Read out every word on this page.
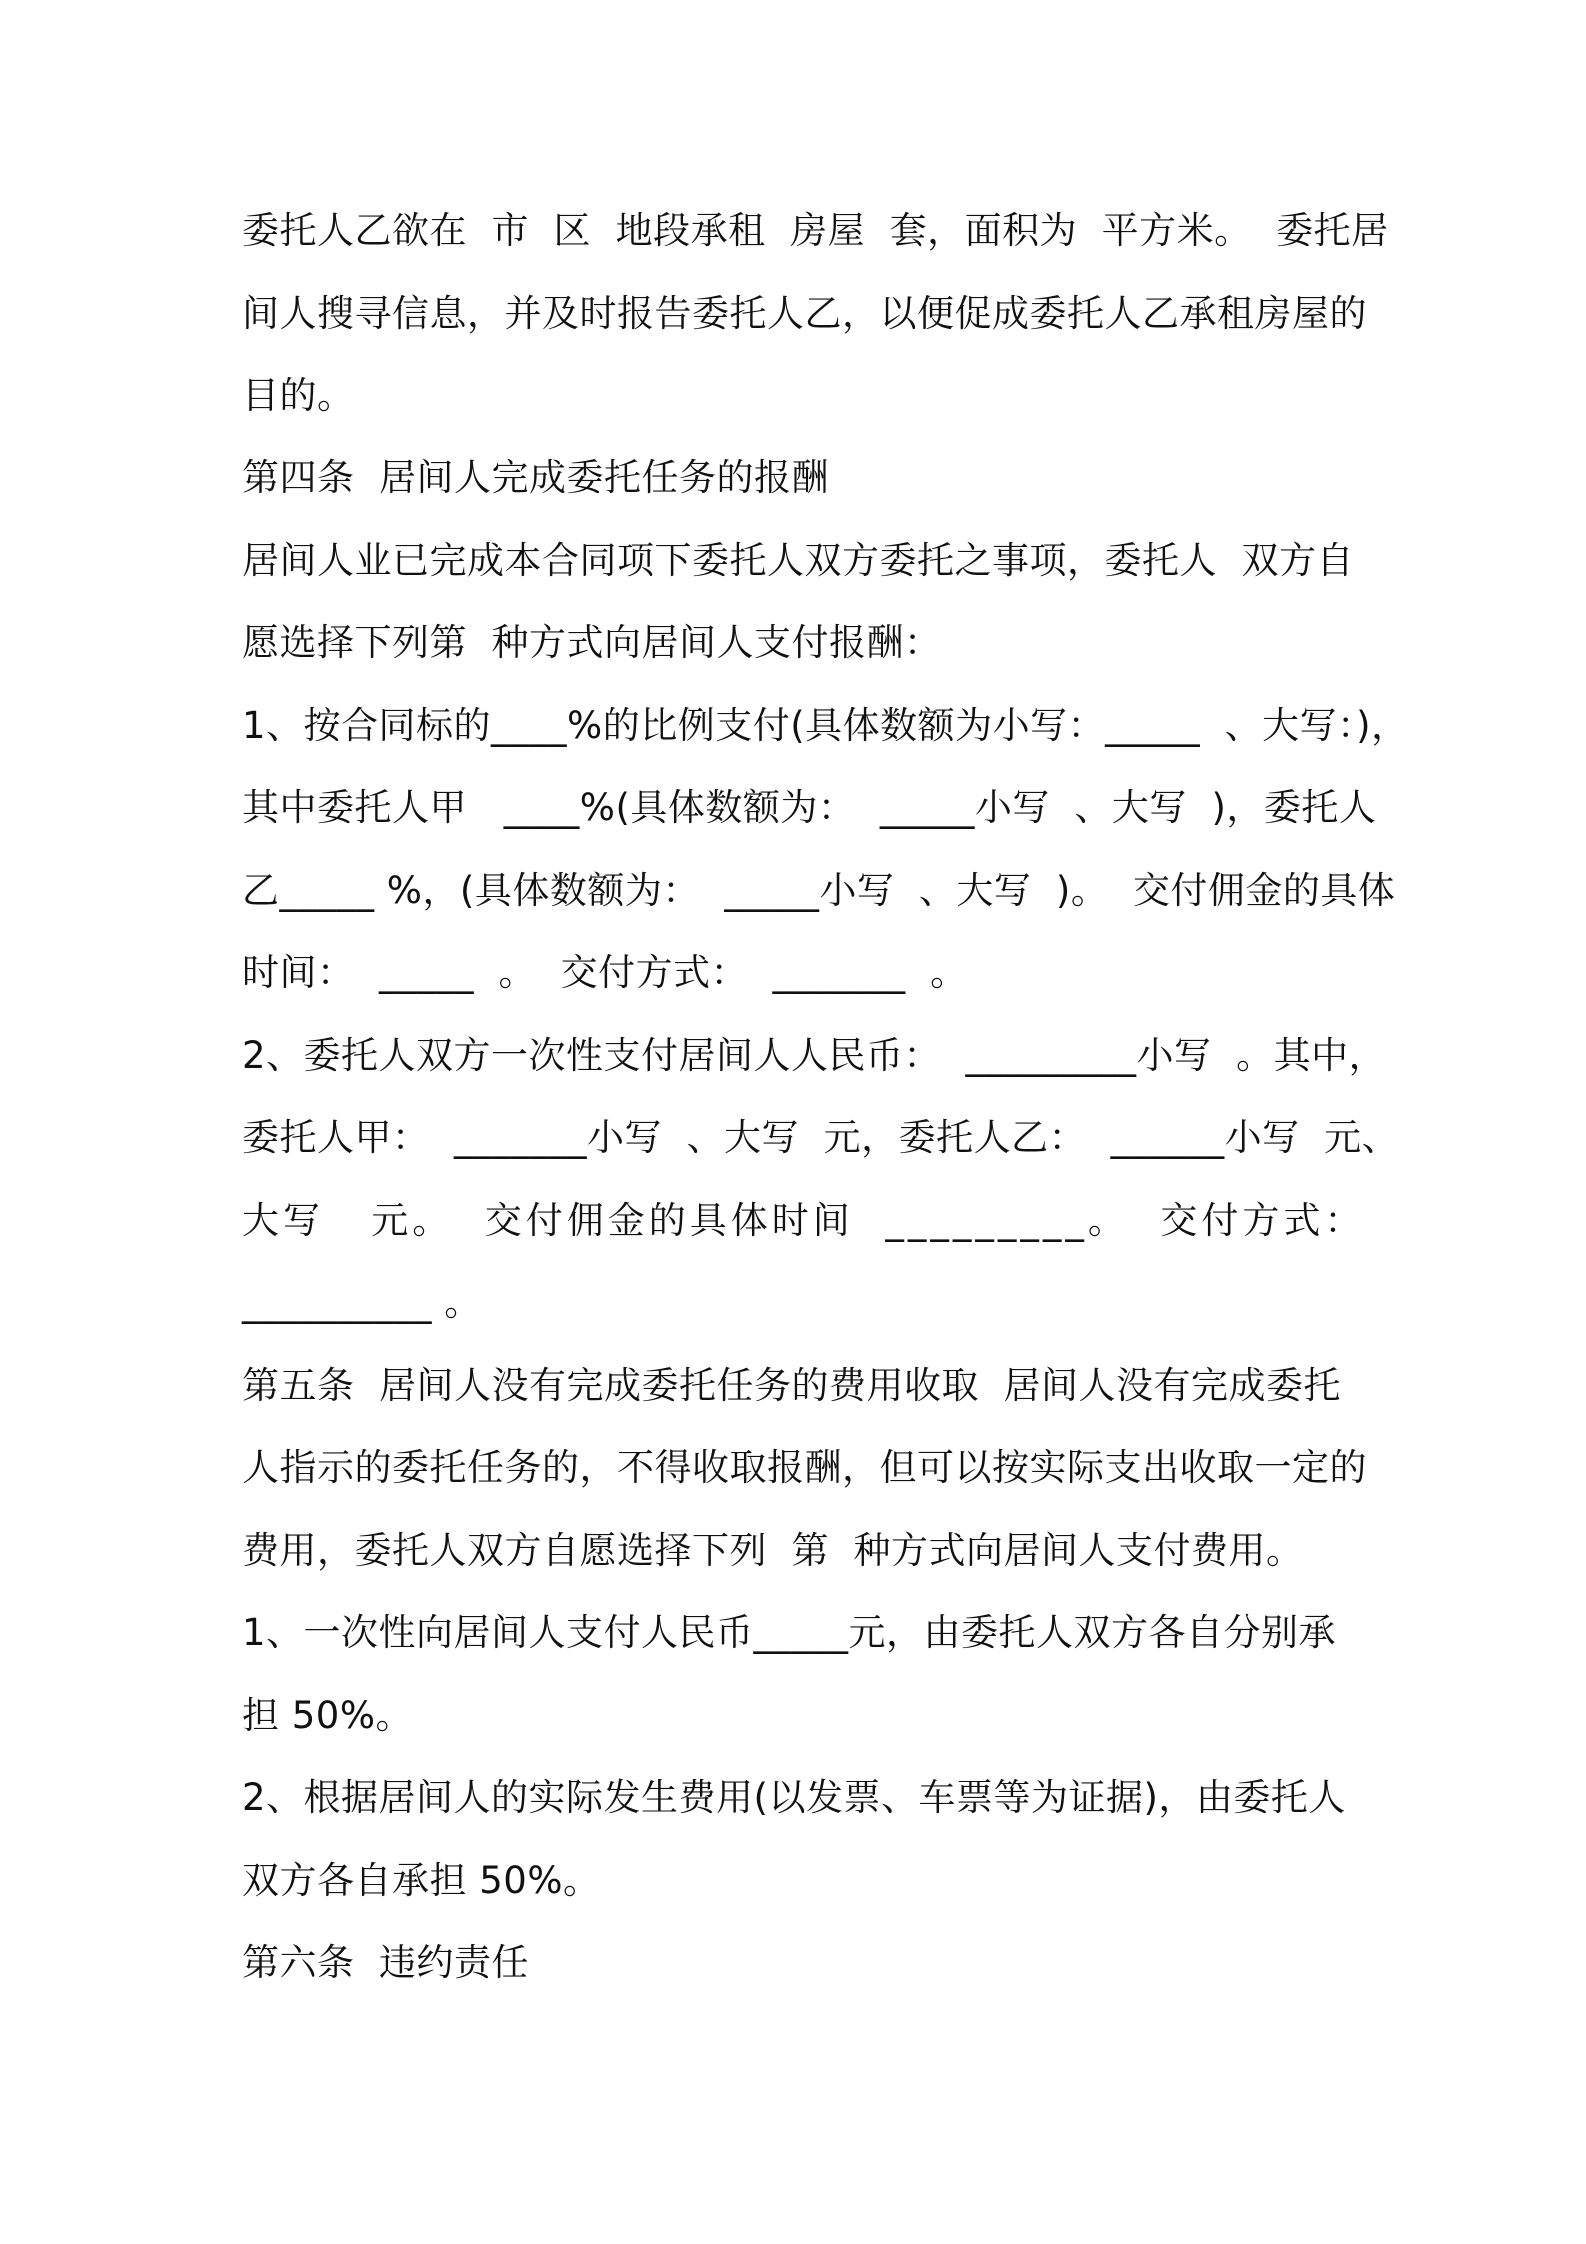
委托人乙欲在  市  区  地段承租  房屋  套，面积为  平方米。  委托居
间人搜寻信息，并及时报告委托人乙，以便促成委托人乙承租房屋的
目的。
第四条  居间人完成委托任务的报酬
居间人业已完成本合同项下委托人双方委托之事项，委托人  双方自
愿选择下列第  种方式向居间人支付报酬：
1、按合同标的____%的比例支付(具体数额为小写：_____  、大写：)，
其中委托人甲   ____%(具体数额为：  _____小写  、大写  )，委托人
乙_____ %，(具体数额为：  _____小写  、大写  )。  交付佣金的具体
时间：  _____  。  交付方式：  _______  。
2、委托人双方一次性支付居间人人民币：  _________小写  。其中，
委托人甲：  _______小写  、大写  元，委托人乙：  ______小写  元、
大写   元。  交付佣金的具体时间  _________。  交付方式：
__________ 。
第五条  居间人没有完成委托任务的费用收取  居间人没有完成委托
人指示的委托任务的，不得收取报酬，但可以按实际支出收取一定的
费用，委托人双方自愿选择下列  第  种方式向居间人支付费用。
1、一次性向居间人支付人民币_____元，由委托人双方各自分别承
担 50%。
2、根据居间人的实际发生费用(以发票、车票等为证据)，由委托人
双方各自承担 50%。
第六条  违约责任
